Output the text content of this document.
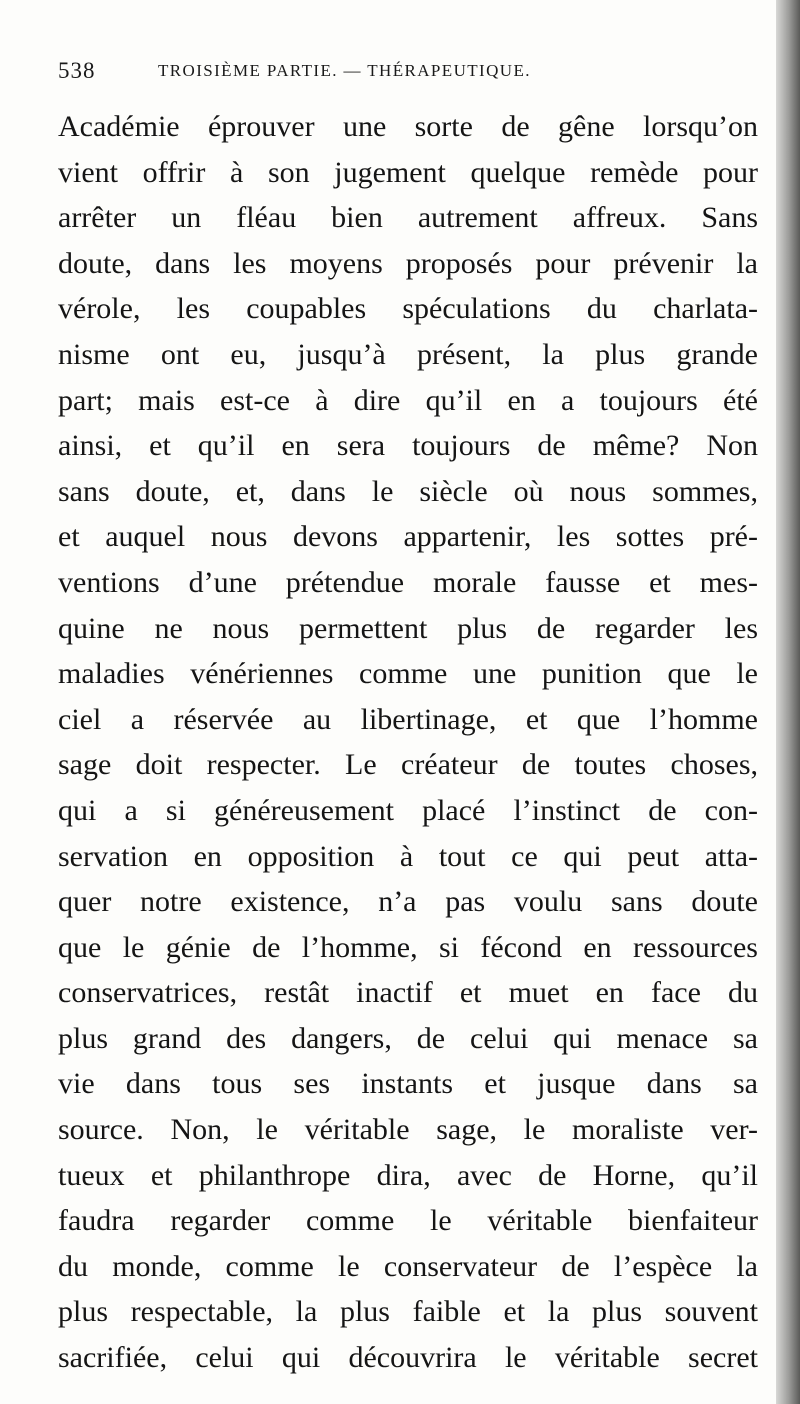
538	TROISIÈME PARTIE. — THÉRAPEUTIQUE.
Académie éprouver une sorte de gêne lorsqu’on
vient offrir à son jugement quelque remède pour
arrêter un fléau bien autrement affreux. Sans
doute, dans les moyens proposés pour prévenir la
vérole, les coupables spéculations du charlata-
nisme ont eu, jusqu’à présent, la plus grande
part; mais est-ce à dire qu’il en a toujours été
ainsi, et qu’il en sera toujours de même? Non
sans doute, et, dans le siècle où nous sommes,
et auquel nous devons appartenir, les sottes pré-
ventions d’une prétendue morale fausse et mes-
quine ne nous permettent plus de regarder les
maladies vénériennes comme une punition que le
ciel a réservée au libertinage, et que l’homme
sage doit respecter. Le créateur de toutes choses,
qui a si généreusement placé l’instinct de con-
servation en opposition à tout ce qui peut atta-
quer notre existence, n’a pas voulu sans doute
que le génie de l’homme, si fécond en ressources
conservatrices, restât inactif et muet en face du
plus grand des dangers, de celui qui menace sa
vie dans tous ses instants et jusque dans sa
source. Non, le véritable sage, le moraliste ver-
tueux et philanthrope dira, avec de Horne, qu’il
faudra regarder comme le véritable bienfaiteur
du monde, comme le conservateur de l’espèce la
plus respectable, la plus faible et la plus souvent
sacrifiée, celui qui découvrira le véritable secret
